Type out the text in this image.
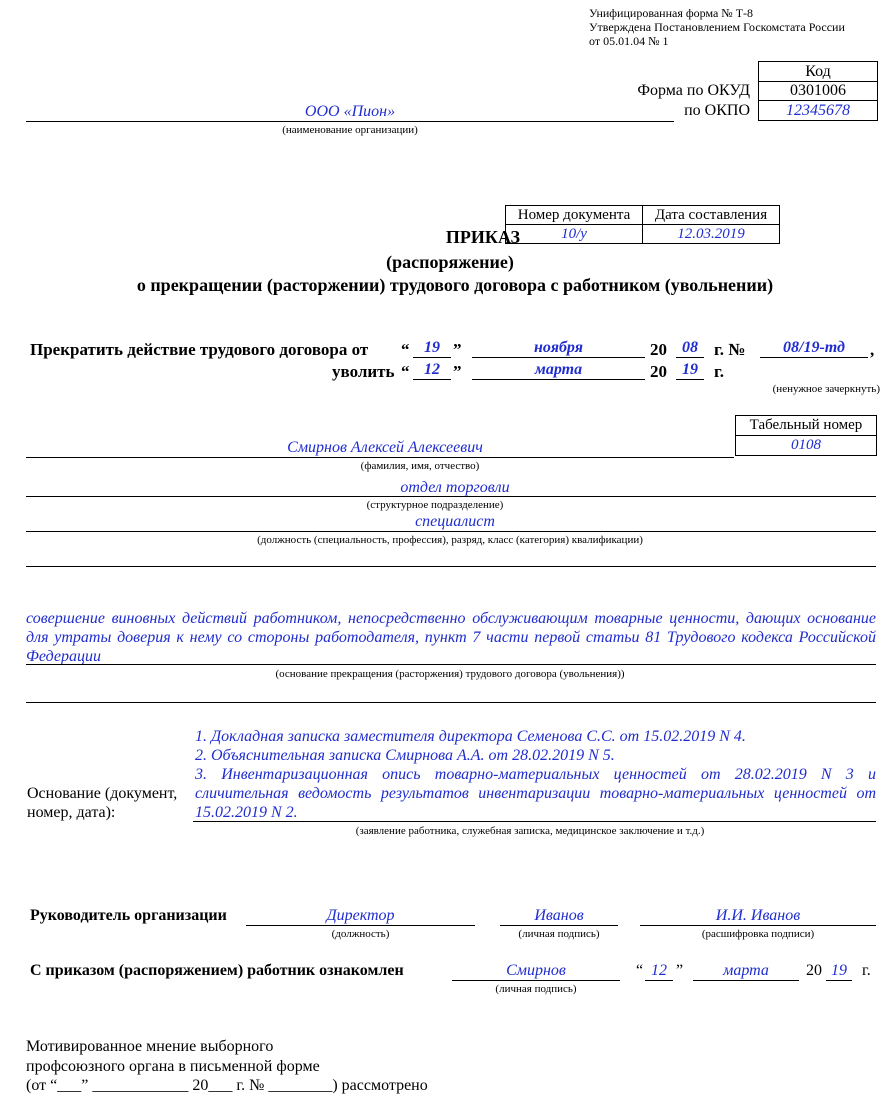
Унифицированная форма № Т-8
Утверждена Постановлением Госкомстата России
от 05.01.04 № 1
Код
Форма по ОКУД	0301006
по ОКПО	12345678
ООО «Пион»
(наименование организации)
Номер документа	Дата составления
10/у	12.03.2019
ПРИКАЗ
(распоряжение)
о прекращении (расторжении) трудового договора с работником (увольнении)
Прекратить действие трудового договора от “ 19 ”	ноября	20 08 г. №	08/19-тд	,
уволить “ 12 ”	марта	20 19 г.
(ненужное зачеркнуть)
Табельный номер
0108
Смирнов Алексей Алексеевич
(фамилия, имя, отчество)
отдел торговли
(структурное подразделение)
специалист
(должность (специальность, профессия), разряд, класс (категория) квалификации)
совершение виновных действий работником, непосредственно обслуживающим товарные ценности, дающих основание для утраты доверия к нему со стороны работодателя, пункт 7 части первой статьи 81 Трудового кодекса Российской Федерации
(основание прекращения (расторжения) трудового договора (увольнения))
1. Докладная записка заместителя директора Семенова С.С. от 15.02.2019 N 4.
2. Объяснительная записка Смирнова А.А. от 28.02.2019 N 5.
3. Инвентаризационная опись товарно-материальных ценностей от 28.02.2019 N 3 и сличительная ведомость результатов инвентаризации товарно-материальных ценностей от 15.02.2019 N 2.
Основание (документ, номер, дата):
(заявление работника, служебная записка, медицинское заключение и т.д.)
Руководитель организации	Директор
(должность)
Иванов
(личная подпись)
И.И. Иванов
(расшифровка подписи)
С приказом (распоряжением) работник ознакомлен	Смирнов
(личная подпись)
“ 12 ”	марта	20 19 г.
Мотивированное мнение выборного
профсоюзного органа в письменной форме
(от “___” ____________ 20___ г. № ________) рассмотрено
